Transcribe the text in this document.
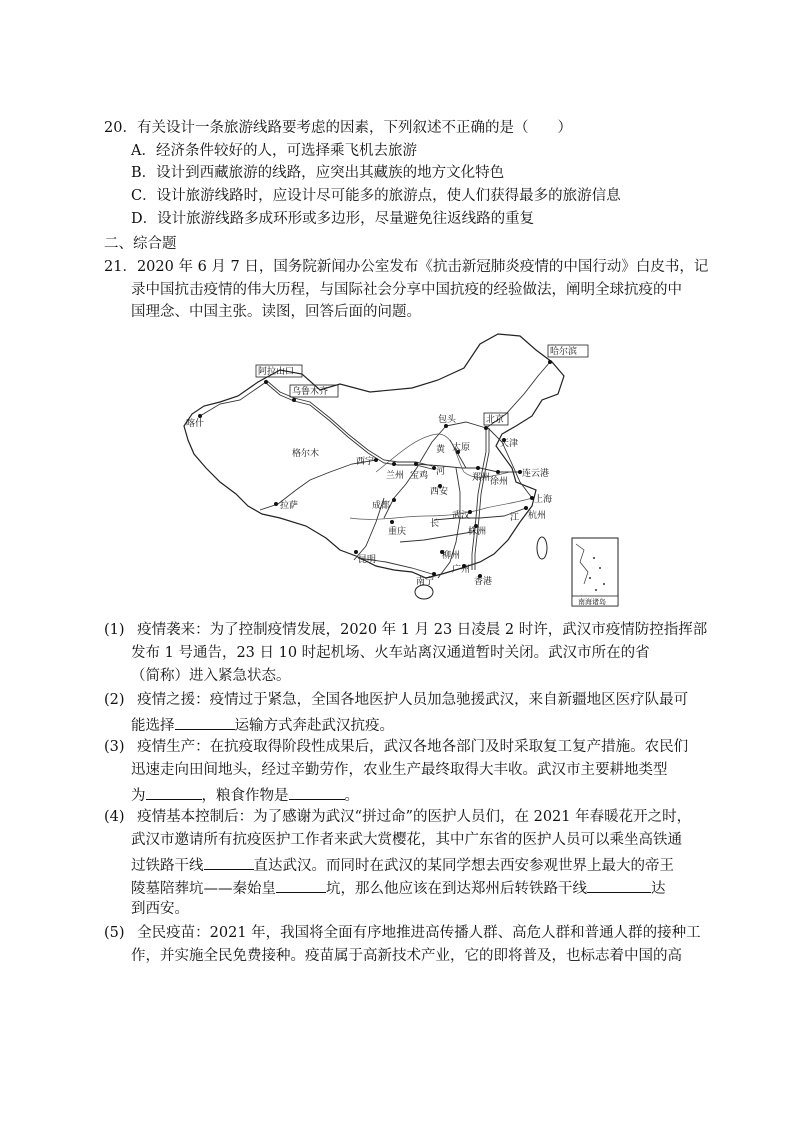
20．有关设计一条旅游线路要考虑的因素，下列叙述不正确的是（　　）
A．经济条件较好的人，可选择乘飞机去旅游
B．设计到西藏旅游的线路，应突出其藏族的地方文化特色
C．设计旅游线路时，应设计尽可能多的旅游点，使人们获得最多的旅游信息
D．设计旅游线路多成环形或多边形，尽量避免往返线路的重复
二、综合题
21．2020 年 6 月 7 日，国务院新闻办公室发布《抗击新冠肺炎疫情的中国行动》白皮书，记
录中国抗击疫情的伟大历程，与国际社会分享中国抗疫的经验做法，阐明全球抗疫的中
国理念、中国主张。读图，回答后面的问题。
阿拉山口
乌鲁木齐
喀什
哈尔滨
北京
天津
包头
太原
格尔木
西宁
兰州 宝鸡	郑州 徐州
连云港
西安
成都
上海
杭州
拉萨
重庆
武汉
株洲
昆明	柳州
广州
南宁	香港
黄
河
长
江
南海诸岛
(1) 疫情袭来：为了控制疫情发展，2020 年 1 月 23 日凌晨 2 时许，武汉市疫情防控指挥部
发布 1 号通告，23 日 10 时起机场、火车站离汉通道暂时关闭。武汉市所在的省
（简称）进入紧急状态。
(2) 疫情之援：疫情过于紧急，全国各地医护人员加急驰援武汉，来自新疆地区医疗队最可
能选择	运输方式奔赴武汉抗疫。
(3) 疫情生产：在抗疫取得阶段性成果后，武汉各地各部门及时采取复工复产措施。农民们
迅速走向田间地头，经过辛勤劳作，农业生产最终取得大丰收。武汉市主要耕地类型
为	，粮食作物是	。
(4) 疫情基本控制后：为了感谢为武汉“拼过命”的医护人员们，在 2021 年春暖花开之时，
武汉市邀请所有抗疫医护工作者来武大赏樱花，其中广东省的医护人员可以乘坐高铁通
过铁路干线	直达武汉。而同时在武汉的某同学想去西安参观世界上最大的帝王
陵墓陪葬坑——秦始皇	坑，那么他应该在到达郑州后转铁路干线	达
到西安。
(5) 全民疫苗：2021 年，我国将全面有序地推进高传播人群、高危人群和普通人群的接种工
作，并实施全民免费接种。疫苗属于高新技术产业，它的即将普及，也标志着中国的高
